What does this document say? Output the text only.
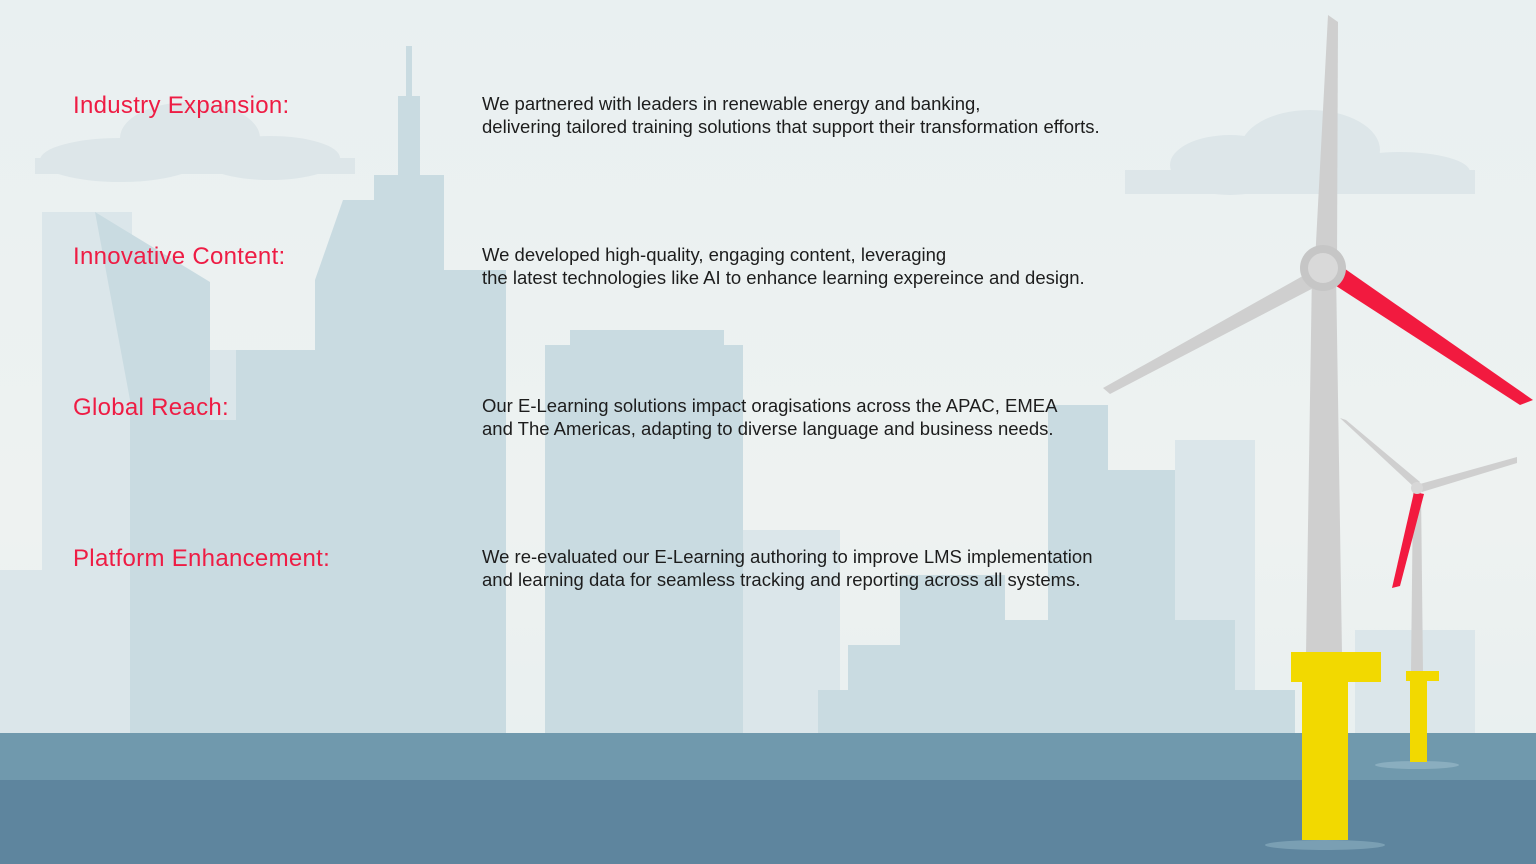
Industry Expansion:	We partnered with leaders in renewable energy and banking,
delivering tailored training solutions that support their transformation efforts.

Innovative Content:	We developed high-quality, engaging content, leveraging
the latest technologies like AI to enhance learning expereince and design.

Global Reach:	Our E-Learning solutions impact oragisations across the APAC, EMEA
and The Americas, adapting to diverse language and business needs.

Platform Enhancement:	We re-evaluated our E-Learning authoring to improve LMS implementation
and learning data for seamless tracking and reporting across all systems.
